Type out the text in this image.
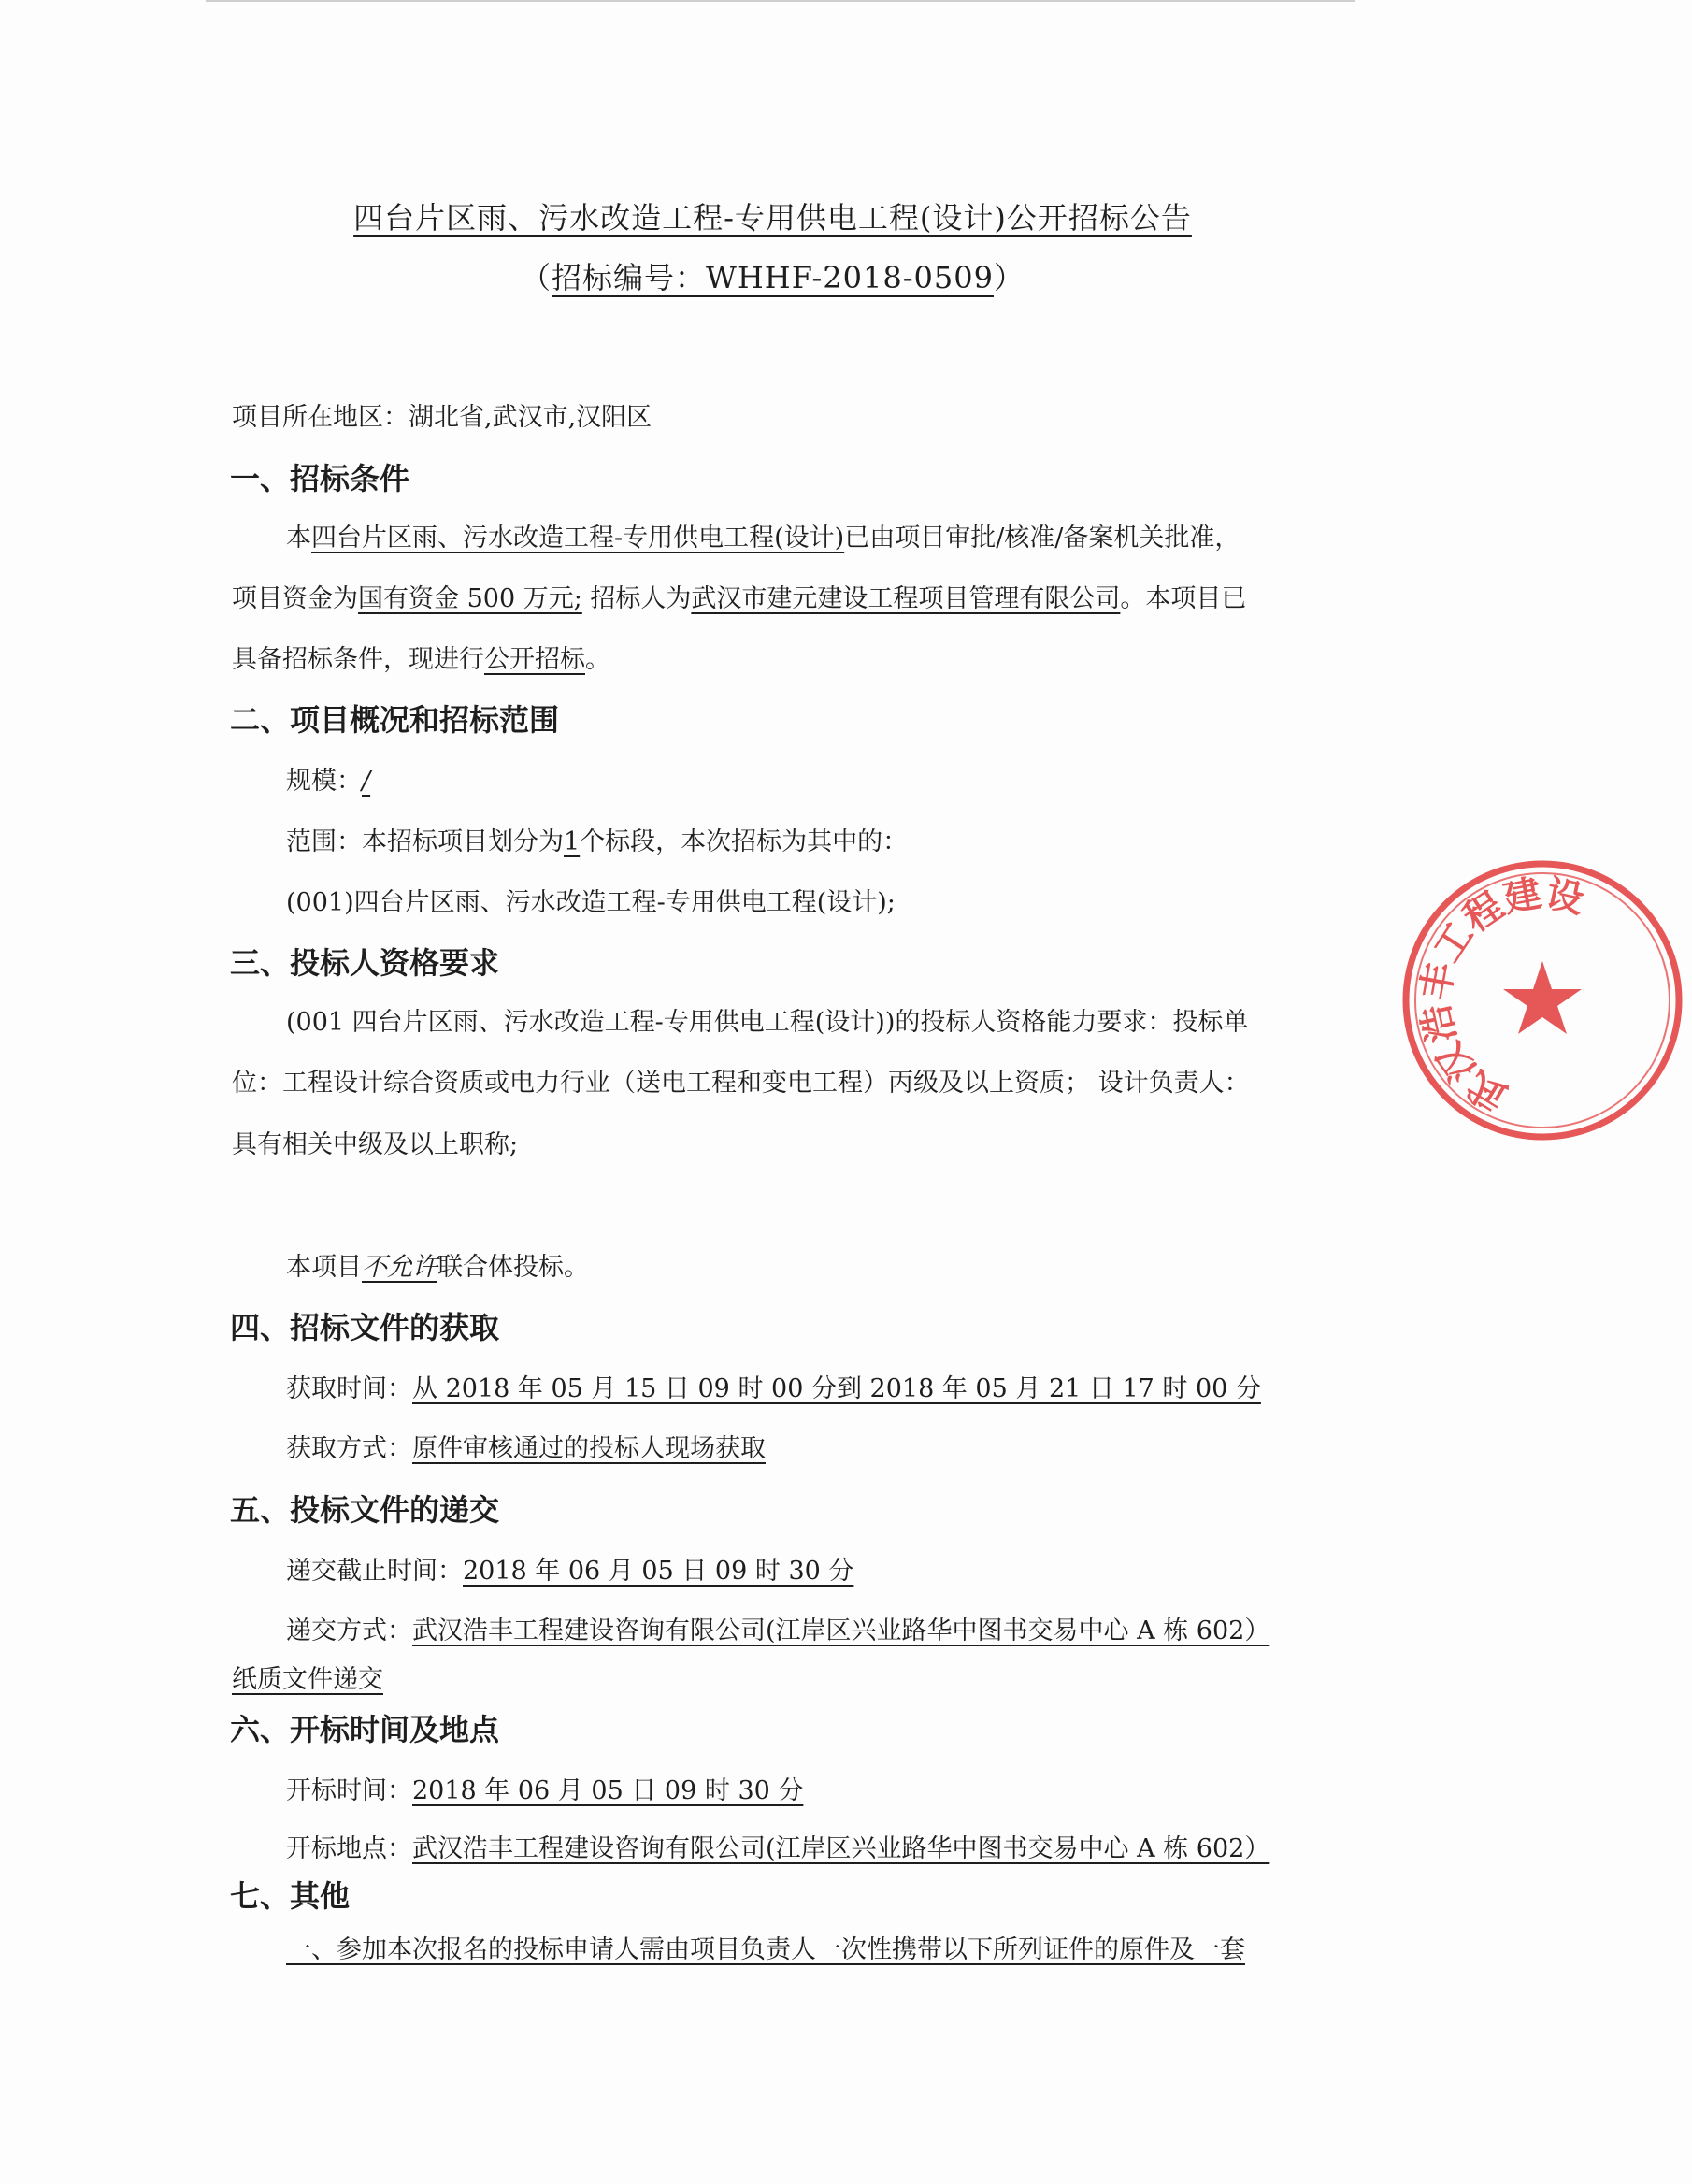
四台片区雨、污水改造工程-专用供电工程(设计)公开招标公告
（招标编号：WHHF-2018-0509）
项目所在地区：湖北省,武汉市,汉阳区
一、招标条件
本四台片区雨、污水改造工程-专用供电工程(设计)已由项目审批/核准/备案机关批准，
项目资金为国有资金 500 万元; 招标人为武汉市建元建设工程项目管理有限公司。本项目已
具备招标条件，现进行公开招标。
二、项目概况和招标范围
规模：/
范围：本招标项目划分为1个标段，本次招标为其中的：
(001)四台片区雨、污水改造工程-专用供电工程(设计);
三、投标人资格要求
(001 四台片区雨、污水改造工程-专用供电工程(设计))的投标人资格能力要求：投标单
位：工程设计综合资质或电力行业（送电工程和变电工程）丙级及以上资质； 设计负责人：
具有相关中级及以上职称;
本项目不允许联合体投标。
四、招标文件的获取
获取时间：从 2018 年 05 月 15 日 09 时 00 分到 2018 年 05 月 21 日 17 时 00 分
获取方式：原件审核通过的投标人现场获取
五、投标文件的递交
递交截止时间：2018 年 06 月 05 日 09 时 30 分
递交方式：武汉浩丰工程建设咨询有限公司(江岸区兴业路华中图书交易中心 A 栋 602）
纸质文件递交
六、开标时间及地点
开标时间：2018 年 06 月 05 日 09 时 30 分
开标地点：武汉浩丰工程建设咨询有限公司(江岸区兴业路华中图书交易中心 A 栋 602）
七、其他
一、参加本次报名的投标申请人需由项目负责人一次性携带以下所列证件的原件及一套
武汉浩丰工程建设咨询有限公司
